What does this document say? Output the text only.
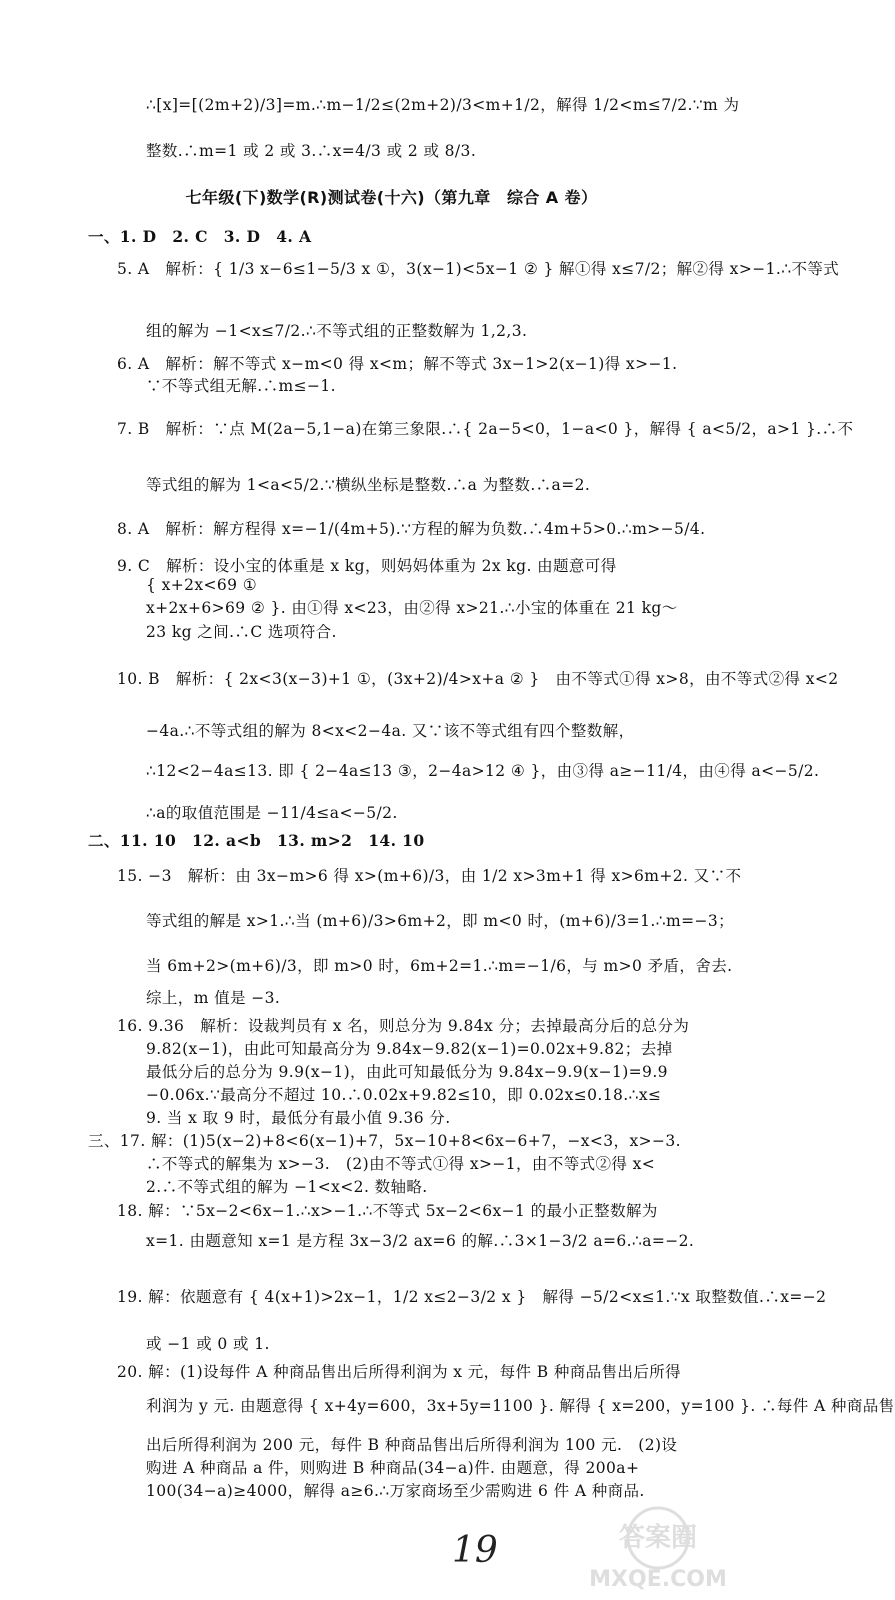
∴[x]=[(2m+2)/3]=m.∴m−1/2≤(2m+2)/3<m+1/2，解得 1/2<m≤7/2.∵m 为
整数.∴m=1 或 2 或 3.∴x=4/3 或 2 或 8/3.
七年级(下)数学(R)测试卷(十六)（第九章　综合 A 卷）
一、1. D　2. C　3. D　4. A
5. A　解析：{ 1/3 x−6≤1−5/3 x ①，3(x−1)<5x−1 ② } 解①得 x≤7/2；解②得 x>−1.∴不等式
组的解为 −1<x≤7/2.∴不等式组的正整数解为 1,2,3.
6. A　解析：解不等式 x−m<0 得 x<m；解不等式 3x−1>2(x−1)得 x>−1.
∵不等式组无解.∴m≤−1.
7. B　解析：∵点 M(2a−5,1−a)在第三象限.∴{ 2a−5<0，1−a<0 }，解得 { a<5/2，a>1 }.∴不
等式组的解为 1<a<5/2.∵横纵坐标是整数.∴a 为整数.∴a=2.
8. A　解析：解方程得 x=−1/(4m+5).∵方程的解为负数.∴4m+5>0.∴m>−5/4.
9. C　解析：设小宝的体重是 x kg，则妈妈体重为 2x kg. 由题意可得
{ x+2x<69 ①
x+2x+6>69 ② }. 由①得 x<23，由②得 x>21.∴小宝的体重在 21 kg～
23 kg 之间.∴C 选项符合.
10. B　解析：{ 2x<3(x−3)+1 ①，(3x+2)/4>x+a ② }　由不等式①得 x>8，由不等式②得 x<2
−4a.∴不等式组的解为 8<x<2−4a. 又∵该不等式组有四个整数解，
∴12<2−4a≤13. 即 { 2−4a≤13 ③，2−4a>12 ④ }，由③得 a≥−11/4，由④得 a<−5/2.
∴a的取值范围是 −11/4≤a<−5/2.
二、11. 10　12. a<b　13. m>2　14. 10
15. −3　解析：由 3x−m>6 得 x>(m+6)/3，由 1/2 x>3m+1 得 x>6m+2. 又∵不
等式组的解是 x>1.∴当 (m+6)/3>6m+2，即 m<0 时，(m+6)/3=1.∴m=−3；
当 6m+2>(m+6)/3，即 m>0 时，6m+2=1.∴m=−1/6，与 m>0 矛盾，舍去.
综上，m 值是 −3.
16. 9.36　解析：设裁判员有 x 名，则总分为 9.84x 分；去掉最高分后的总分为
9.82(x−1)，由此可知最高分为 9.84x−9.82(x−1)=0.02x+9.82；去掉
最低分后的总分为 9.9(x−1)，由此可知最低分为 9.84x−9.9(x−1)=9.9
−0.06x.∵最高分不超过 10.∴0.02x+9.82≤10，即 0.02x≤0.18.∴x≤
9. 当 x 取 9 时，最低分有最小值 9.36 分.
三、17. 解：(1)5(x−2)+8<6(x−1)+7，5x−10+8<6x−6+7，−x<3，x>−3.
∴不等式的解集为 x>−3.　(2)由不等式①得 x>−1，由不等式②得 x<
2.∴不等式组的解为 −1<x<2. 数轴略.
18. 解：∵5x−2<6x−1.∴x>−1.∴不等式 5x−2<6x−1 的最小正整数解为
x=1. 由题意知 x=1 是方程 3x−3/2 ax=6 的解.∴3×1−3/2 a=6.∴a=−2.
19. 解：依题意有 { 4(x+1)>2x−1，1/2 x≤2−3/2 x }　解得 −5/2<x≤1.∵x 取整数值.∴x=−2
或 −1 或 0 或 1.
20. 解：(1)设每件 A 种商品售出后所得利润为 x 元，每件 B 种商品售出后所得
利润为 y 元. 由题意得 { x+4y=600，3x+5y=1100 }. 解得 { x=200，y=100 }. ∴每件 A 种商品售
出后所得利润为 200 元，每件 B 种商品售出后所得利润为 100 元.　(2)设
购进 A 种商品 a 件，则购进 B 种商品(34−a)件. 由题意，得 200a+
100(34−a)≥4000，解得 a≥6.∴万家商场至少需购进 6 件 A 种商品.
19	答案圈
MXQE.COM
